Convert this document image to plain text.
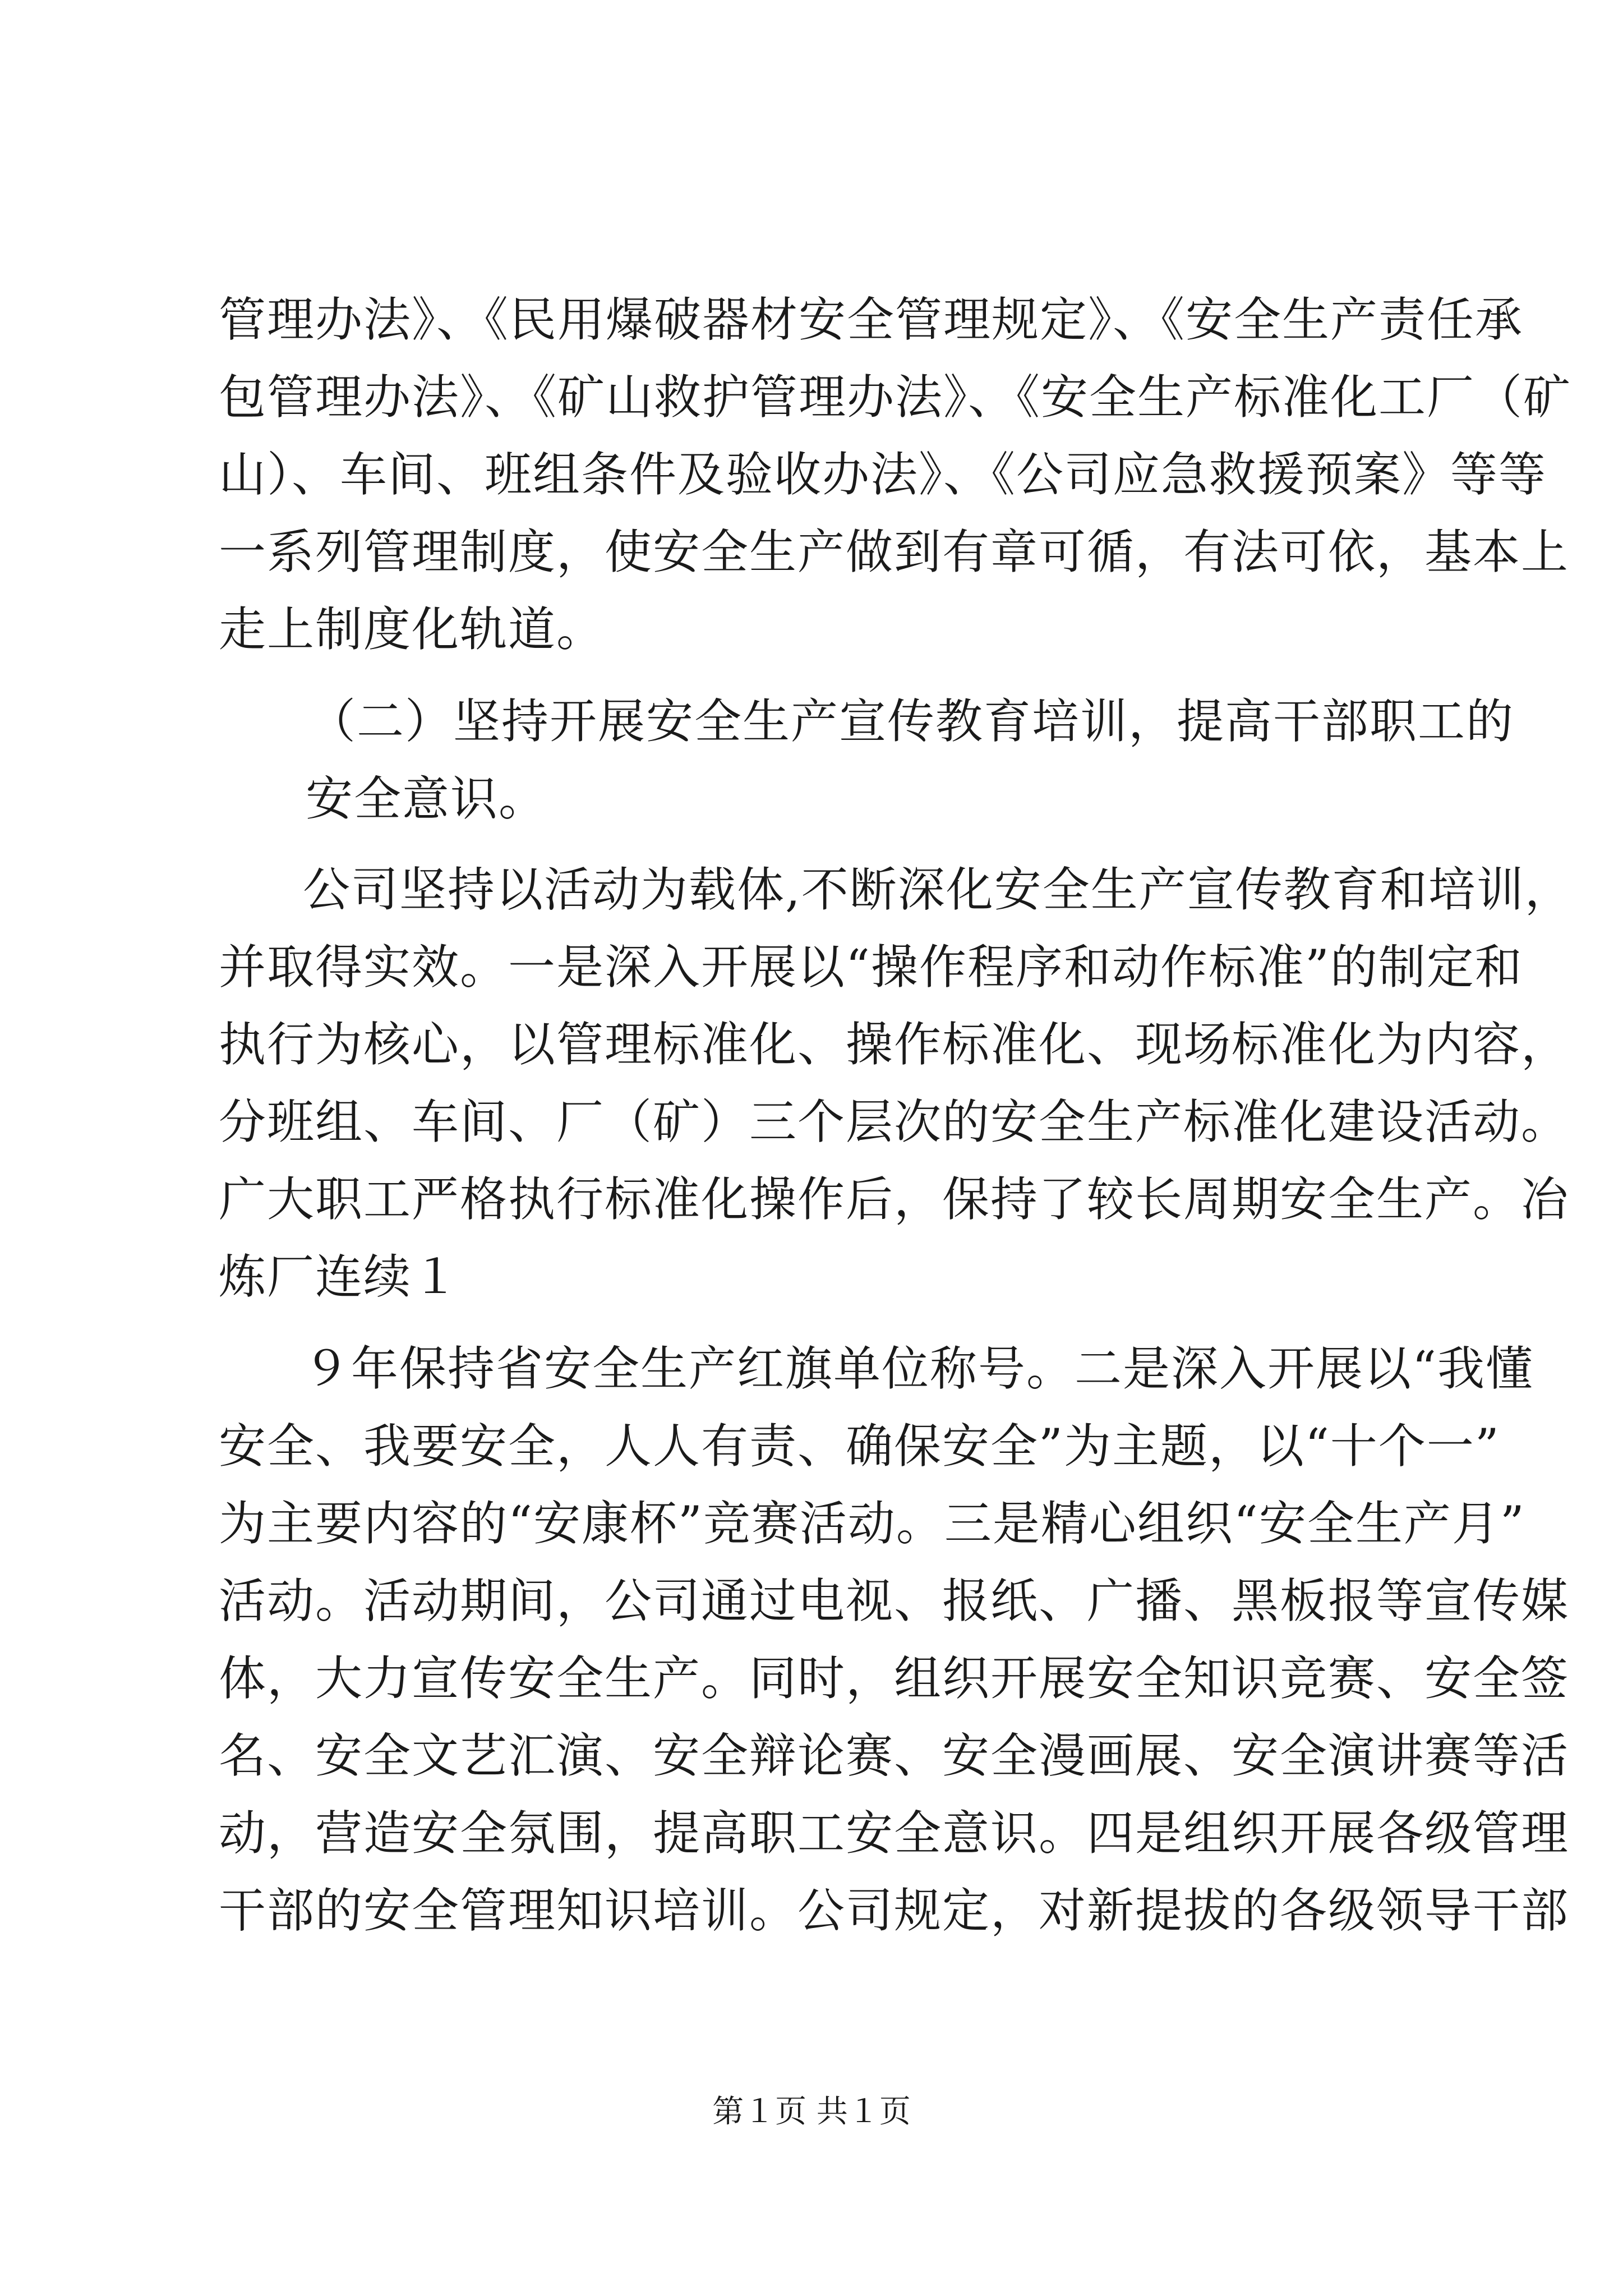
管理办法》、《民用爆破器材安全管理规定》、《安全生产责任承
包管理办法》、《矿山救护管理办法》、《安全生产标准化工厂（矿
山）、车间、班组条件及验收办法》、《公司应急救援预案》等等
一系列管理制度，使安全生产做到有章可循，有法可依，基本上
走上制度化轨道。
（二）坚持开展安全生产宣传教育培训，提高干部职工的
安全意识。
公司坚持以活动为载体,不断深化安全生产宣传教育和培训，
并取得实效。一是深入开展以“操作程序和动作标准”的制定和
执行为核心，以管理标准化、操作标准化、现场标准化为内容，
分班组、车间、厂（矿）三个层次的安全生产标准化建设活动。
广大职工严格执行标准化操作后，保持了较长周期安全生产。冶
炼厂连续１
９年保持省安全生产红旗单位称号。二是深入开展以“我懂
安全、我要安全，人人有责、确保安全”为主题，以“十个一”
为主要内容的“安康杯”竞赛活动。三是精心组织“安全生产月”
活动。活动期间，公司通过电视、报纸、广播、黑板报等宣传媒
体，大力宣传安全生产。同时，组织开展安全知识竞赛、安全签
名、安全文艺汇演、安全辩论赛、安全漫画展、安全演讲赛等活
动，营造安全氛围，提高职工安全意识。四是组织开展各级管理
干部的安全管理知识培训。公司规定，对新提拔的各级领导干部
第１页 共１页
